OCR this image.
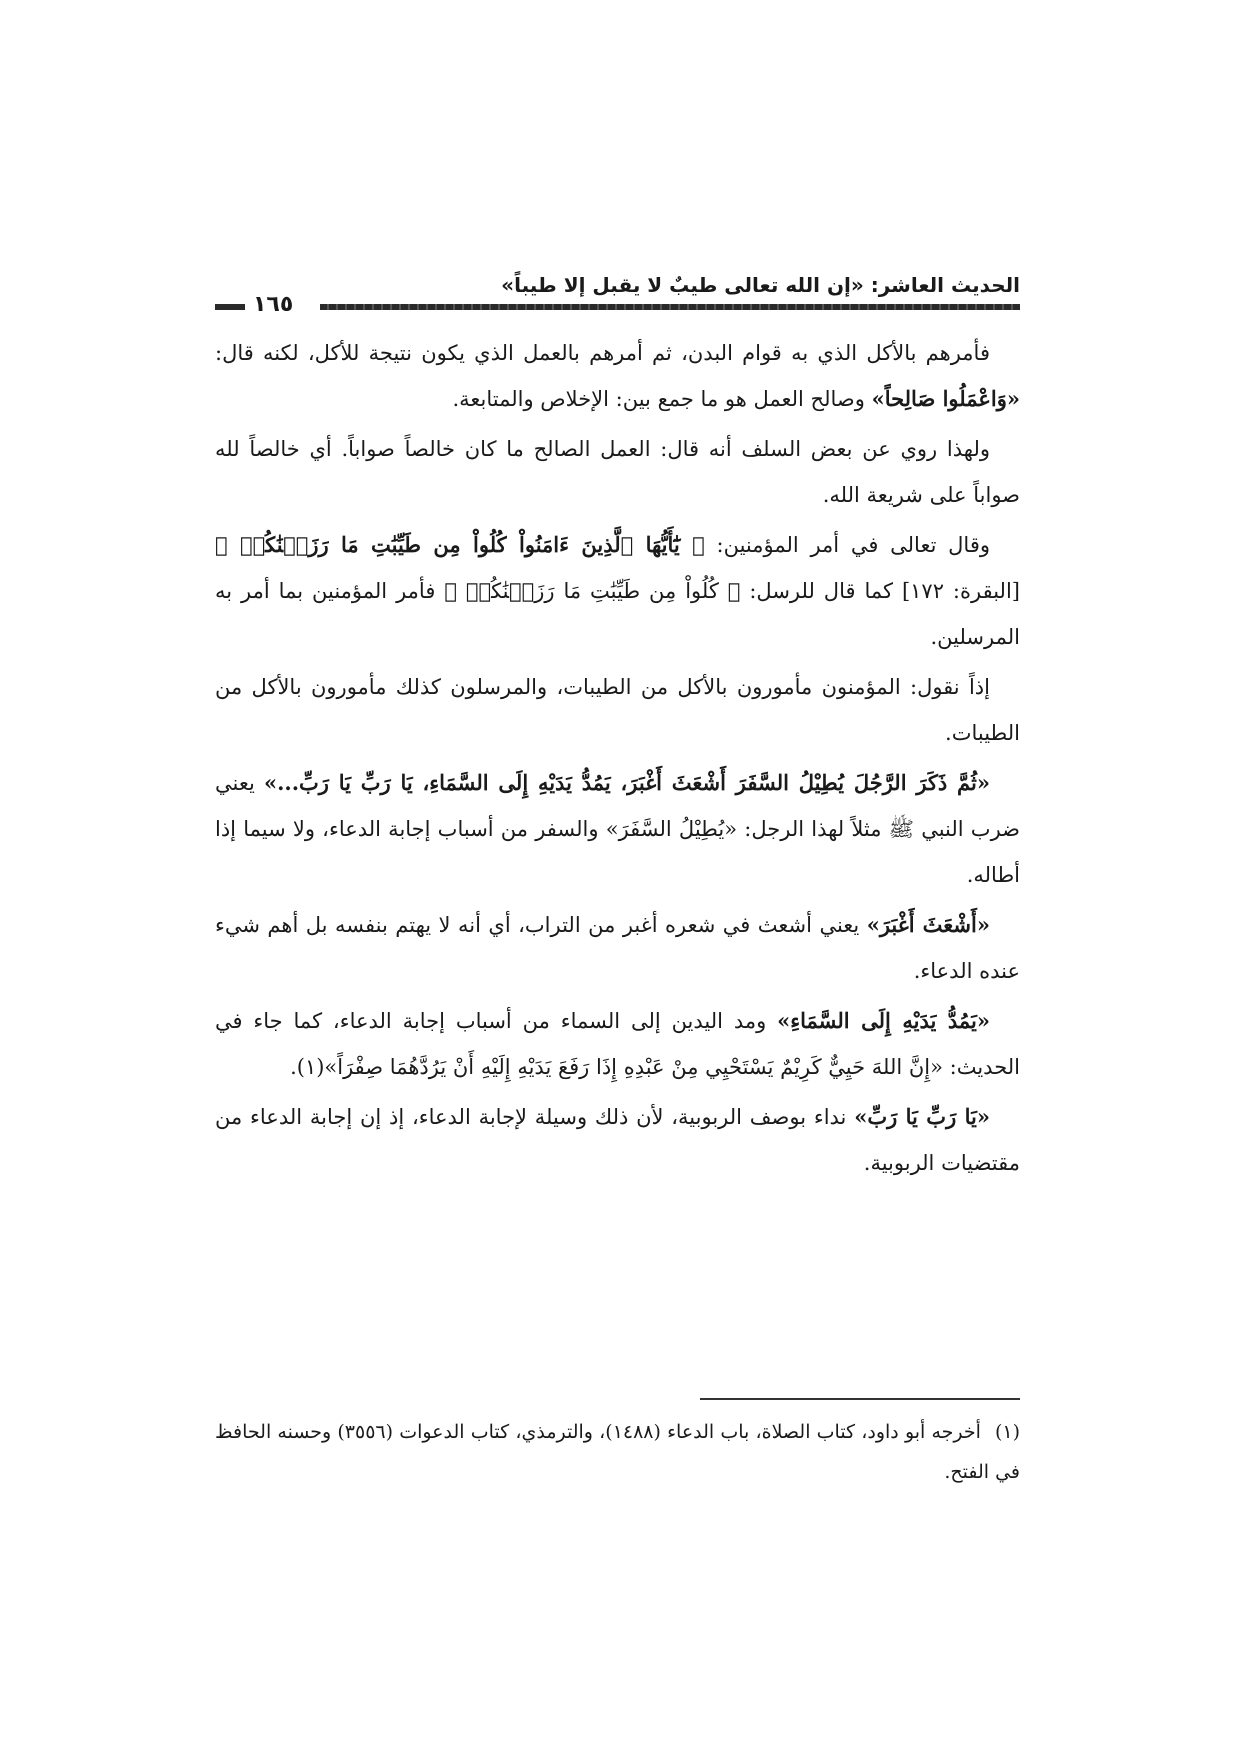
الحديث العاشر: «إن الله تعالى طيبٌ لا يقبل إلا طيباً»
١٦٥

فأمرهم بالأكل الذي به قوام البدن، ثم أمرهم بالعمل الذي يكون نتيجة للأكل، لكنه قال: «وَاعْمَلُوا صَالِحاً» وصالح العمل هو ما جمع بين: الإخلاص والمتابعة.

ولهذا روي عن بعض السلف أنه قال: العمل الصالح ما كان خالصاً صواباً. أي خالصاً لله صواباً على شريعة الله.

وقال تعالى في أمر المؤمنين: ﴿ يَٰٓأَيُّهَا ٱلَّذِينَ ءَامَنُواْ كُلُواْ مِن طَيِّبَٰتِ مَا رَزَقۡنَٰكُمۡ ﴾ [البقرة: ١٧٢] كما قال للرسل: ﴿ كُلُواْ مِن طَيِّبَٰتِ مَا رَزَقۡنَٰكُمۡ ﴾ فأمر المؤمنين بما أمر به المرسلين.

إذاً نقول: المؤمنون مأمورون بالأكل من الطيبات، والمرسلون كذلك مأمورون بالأكل من الطيبات.

«ثُمَّ ذَكَرَ الرَّجُلَ يُطِيْلُ السَّفَرَ أَشْعَثَ أَغْبَرَ، يَمُدُّ يَدَيْهِ إِلَى السَّمَاءِ، يَا رَبِّ يَا رَبِّ...» يعني ضرب النبي ﷺ مثلاً لهذا الرجل: «يُطِيْلُ السَّفَرَ» والسفر من أسباب إجابة الدعاء، ولا سيما إذا أطاله.

«أَشْعَثَ أَغْبَرَ» يعني أشعث في شعره أغبر من التراب، أي أنه لا يهتم بنفسه بل أهم شيء عنده الدعاء.

«يَمُدُّ يَدَيْهِ إِلَى السَّمَاءِ» ومد اليدين إلى السماء من أسباب إجابة الدعاء، كما جاء في الحديث: «إِنَّ اللهَ حَيِيٌّ كَرِيْمٌ يَسْتَحْيِي مِنْ عَبْدِهِ إِذَا رَفَعَ يَدَيْهِ إِلَيْهِ أَنْ يَرُدَّهُمَا صِفْرَاً»(١).

«يَا رَبِّ يَا رَبِّ» نداء بوصف الربوبية، لأن ذلك وسيلة لإجابة الدعاء، إذ إن إجابة الدعاء من مقتضيات الربوبية.

(١)أخرجه أبو داود، كتاب الصلاة، باب الدعاء (١٤٨٨)، والترمذي، كتاب الدعوات (٣٥٥٦) وحسنه الحافظ في الفتح.
